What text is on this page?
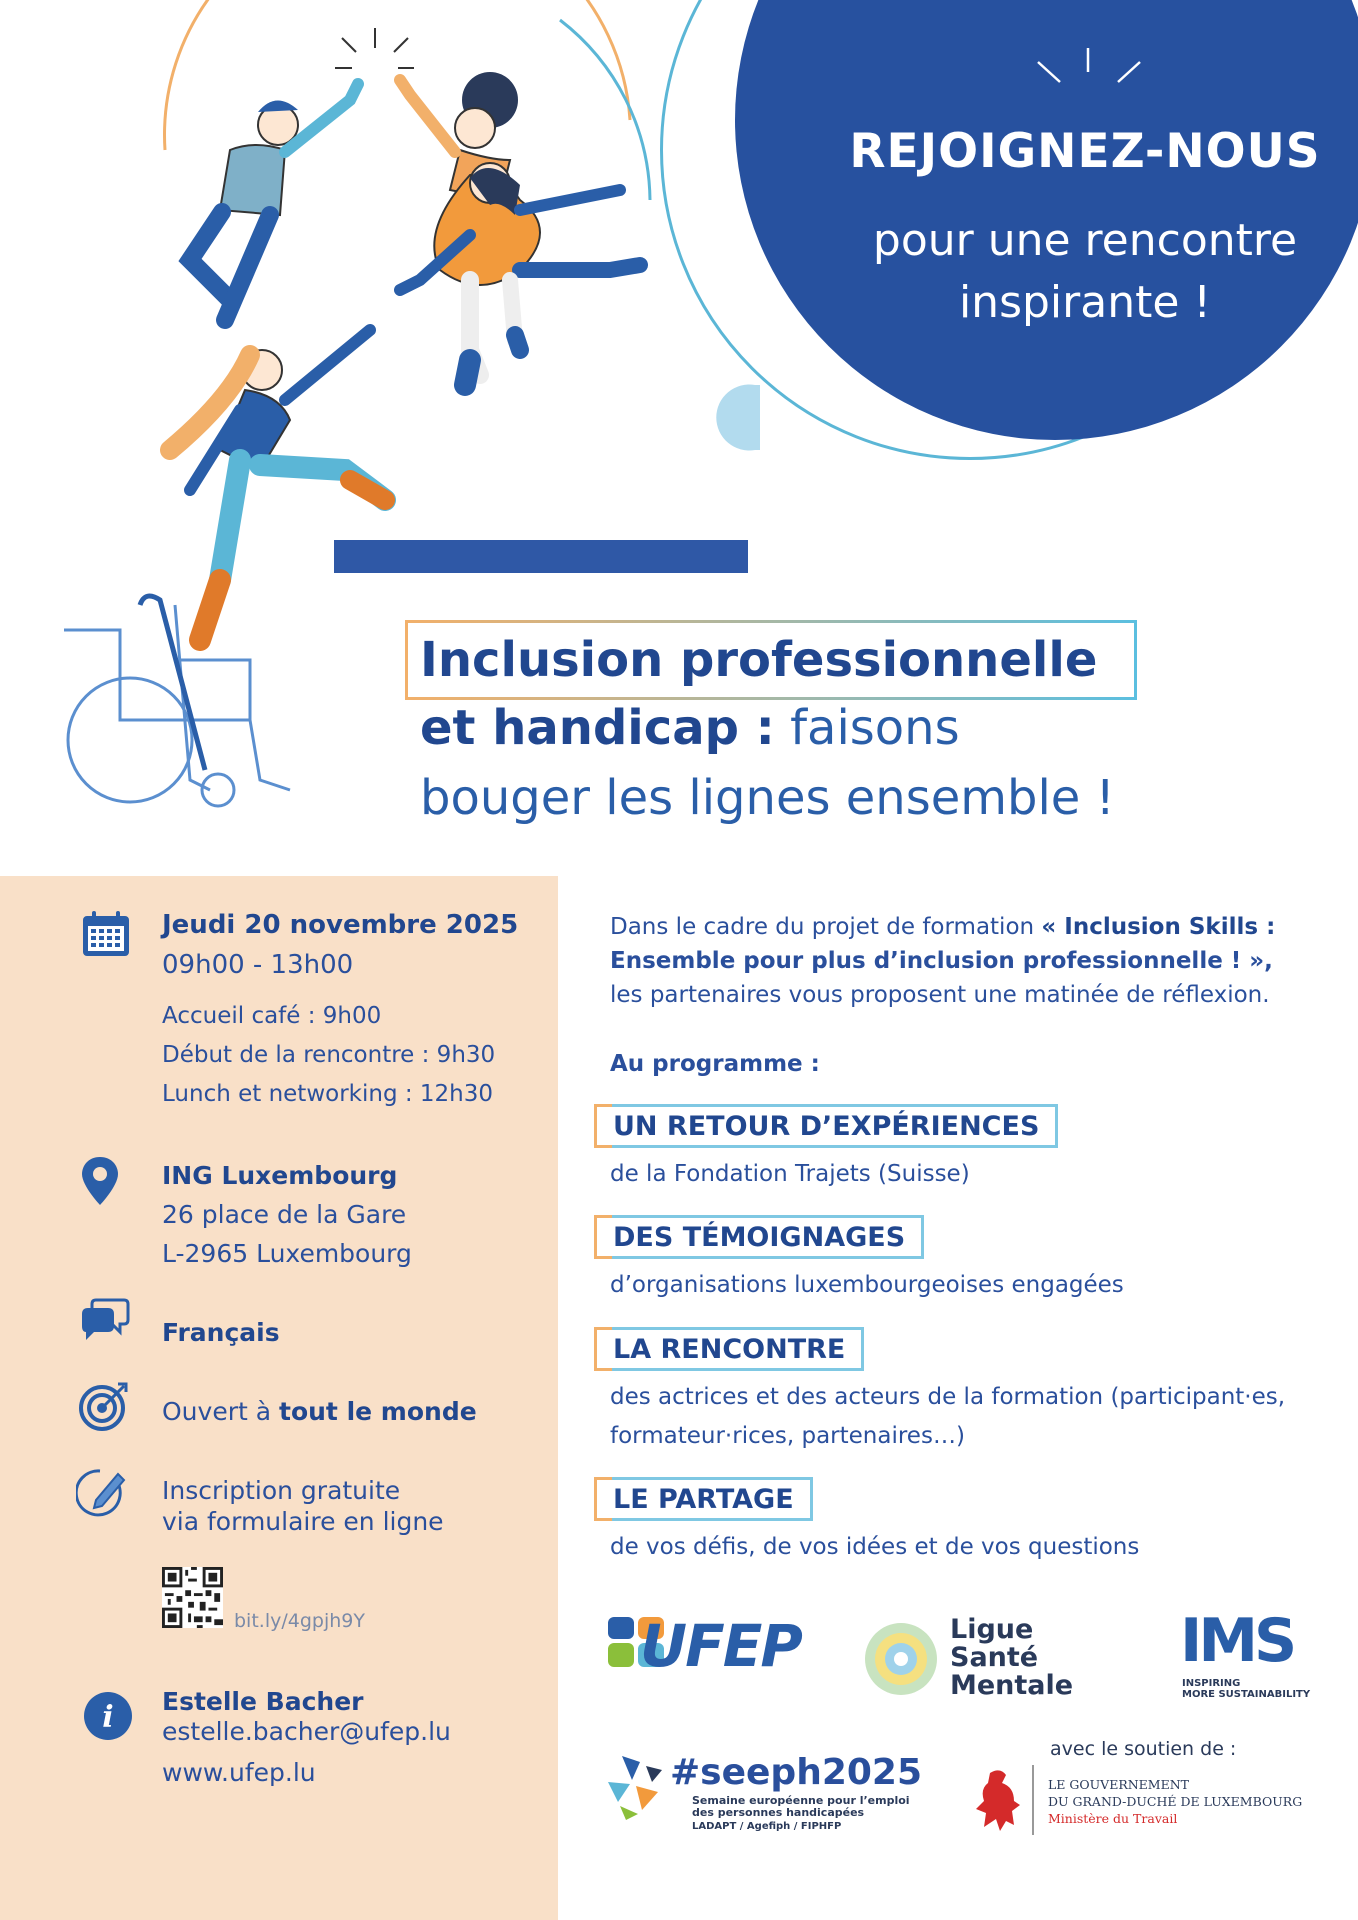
REJOIGNEZ-NOUS
pour une rencontre
inspirante !
Inclusion professionnelle
et handicap : faisons
bouger les lignes ensemble !
Jeudi 20 novembre 2025
09h00 - 13h00
Accueil café : 9h00
Début de la rencontre : 9h30
Lunch et networking : 12h30
ING Luxembourg
26 place de la Gare
L-2965 Luxembourg
Français
Ouvert à tout le monde
Inscription gratuite
via formulaire en ligne
bit.ly/4gpjh9Y
i Estelle Bacher
estelle.bacher@ufep.lu
www.ufep.lu
Dans le cadre du projet de formation « Inclusion Skills :
Ensemble pour plus d’inclusion professionnelle ! »,
les partenaires vous proposent une matinée de réflexion.
Au programme :
UN RETOUR D’EXPÉRIENCES
de la Fondation Trajets (Suisse)
DES TÉMOIGNAGES
d’organisations luxembourgeoises engagées
LA RENCONTRE
des actrices et des acteurs de la formation (participant·es,
formateur·rices, partenaires…)
LE PARTAGE
de vos défis, de vos idées et de vos questions
UFEP	Ligue
Santé
Mentale
IMS
INSPIRING
MORE SUSTAINABILITY
#seeph2025
Semaine européenne pour l’emploi
des personnes handicapées
LADAPT / Agefiph / FIPHFP
avec le soutien de :
LE GOUVERNEMENT
DU GRAND-DUCHÉ DE LUXEMBOURG
Ministère du Travail
